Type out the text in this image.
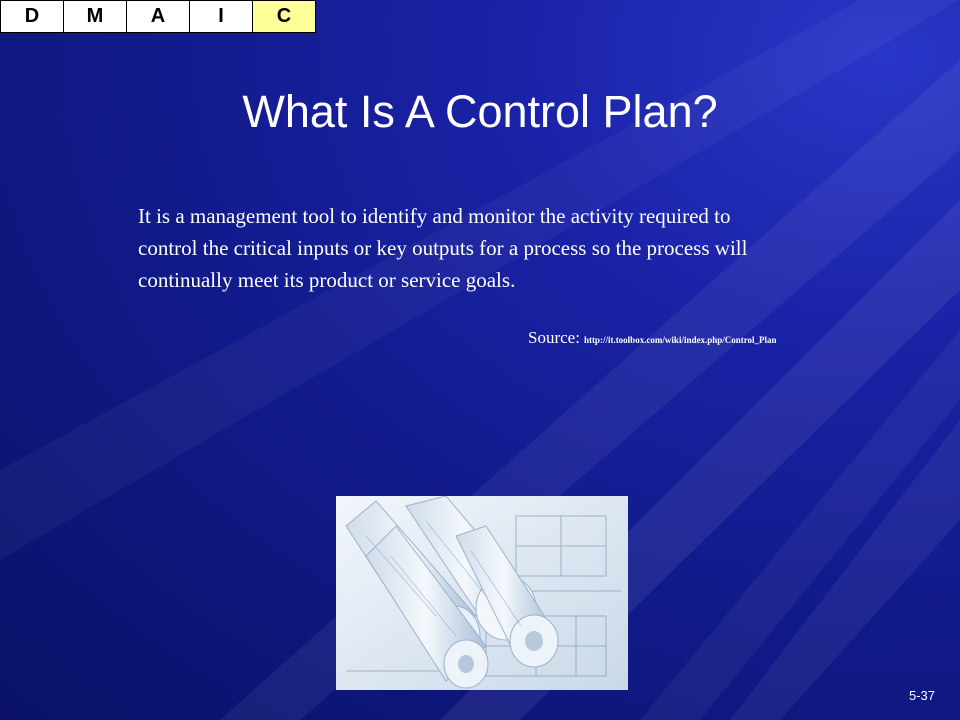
D	M	A	I	C
What Is A Control Plan?
It is a management tool to identify and monitor the activity required to control the critical inputs or key outputs for a process so the process will continually meet its product or service goals.
Source: http://it.toolbox.com/wiki/index.php/Control_Plan
5-37
